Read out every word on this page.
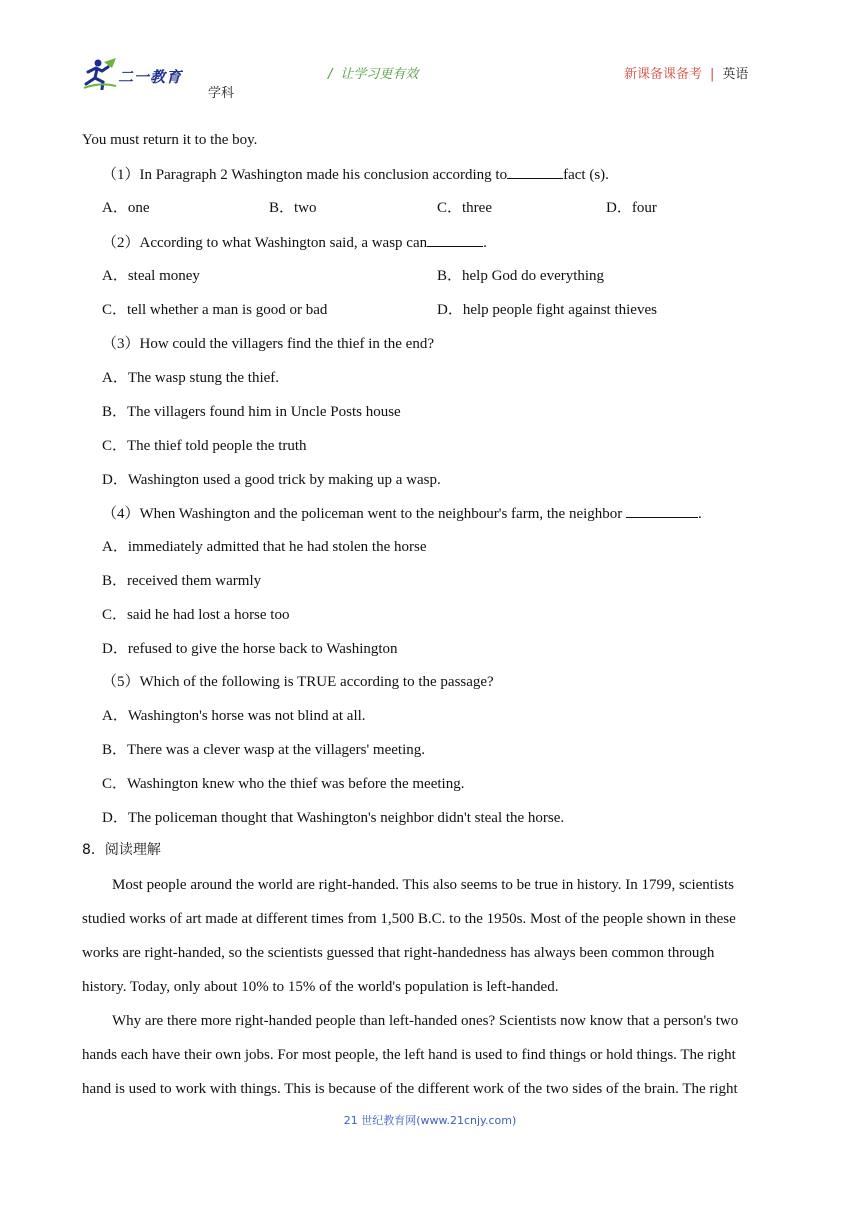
二一教育
学科
/ 让学习更有效	新课备课备考 | 英语
You must return it to the boy.
（1）In Paragraph 2 Washington made his conclusion according to	fact (s).
A．one	B．two	C．three	D．four
（2）According to what Washington said, a wasp can	.
A．steal money	B．help God do everything
C．tell whether a man is good or bad	D．help people fight against thieves
（3）How could the villagers find the thief in the end?
A．The wasp stung the thief.
B．The villagers found him in Uncle Posts house
C．The thief told people the truth
D．Washington used a good trick by making up a wasp.
（4）When Washington and the policeman went to the neighbour's farm, the neighbor	.
A．immediately admitted that he had stolen the horse
B．received them warmly
C．said he had lost a horse too
D．refused to give the horse back to Washington
（5）Which of the following is TRUE according to the passage?
A．Washington's horse was not blind at all.
B．There was a clever wasp at the villagers' meeting.
C．Washington knew who the thief was before the meeting.
D．The policeman thought that Washington's neighbor didn't steal the horse.
8．阅读理解
Most people around the world are right-handed. This also seems to be true in history. In 1799, scientists
studied works of art made at different times from 1,500 B.C. to the 1950s. Most of the people shown in these
works are right-handed, so the scientists guessed that right-handedness has always been common through
history. Today, only about 10% to 15% of the world's population is left-handed.
Why are there more right-handed people than left-handed ones? Scientists now know that a person's two
hands each have their own jobs. For most people, the left hand is used to find things or hold things. The right
hand is used to work with things. This is because of the different work of the two sides of the brain. The right
21 世纪教育网(www.21cnjy.com)
